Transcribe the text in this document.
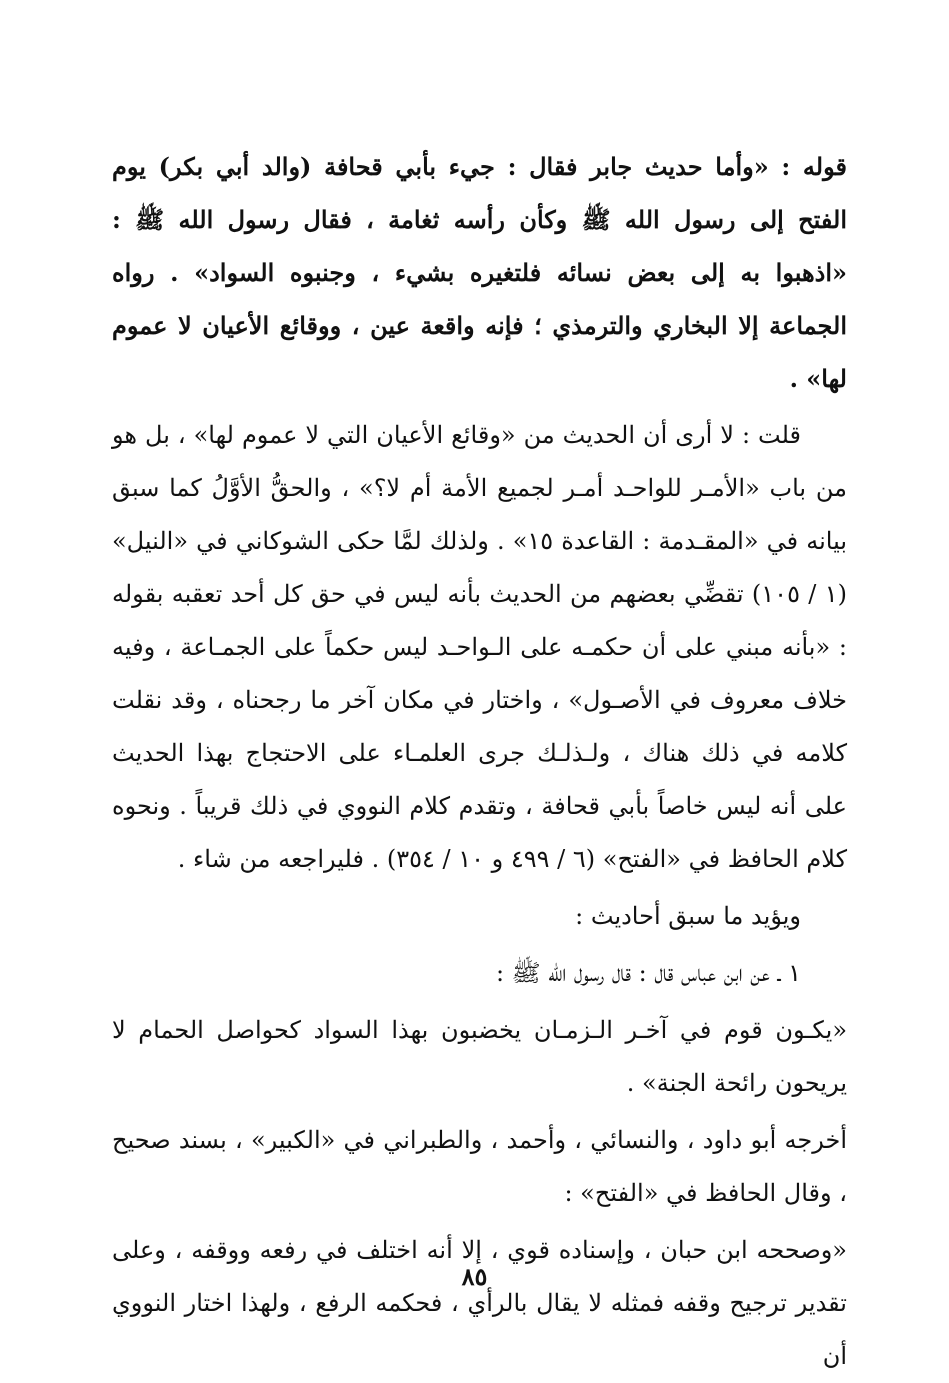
قوله : «وأما حديث جابر فقال : جيء بأبي قحافة (والد أبي بكر) يوم الفتح إلى رسول الله ﷺ وكأن رأسه ثغامة ، فقال رسول الله ﷺ : «اذهبوا به إلى بعض نسائه فلتغيره بشيء ، وجنبوه السواد» . رواه الجماعة إلا البخاري والترمذي ؛ فإنه واقعة عين ، ووقائع الأعيان لا عموم لها» .

قلت : لا أرى أن الحديث من «وقائع الأعيان التي لا عموم لها» ، بل هو من باب «الأمـر للواحـد أمـر لجميع الأمة أم لا؟» ، والحقُّ الأوَّلُ كما سبق بيانه في «المقـدمة : القاعدة ١٥» . ولذلك لمَّا حكى الشوكاني في «النيل» (١ / ١٠٥) تقضِّي بعضهم من الحديث بأنه ليس في حق كل أحد تعقبه بقوله : «بأنه مبني على أن حكمـه على الـواحـد ليس حكماً على الجمـاعة ، وفيه خلاف معروف في الأصـول» ، واختار في مكان آخر ما رجحناه ، وقد نقلت كلامه في ذلك هناك ، ولـذلـك جرى العلمـاء على الاحتجاج بهذا الحديث على أنه ليس خاصاً بأبي قحافة ، وتقدم كلام النووي في ذلك قريباً . ونحوه كلام الحافظ في «الفتح» (٦ / ٤٩٩ و ١٠ / ٣٥٤) . فليراجعه من شاء .

ويؤيد ما سبق أحاديث :

١ ـ عن ابن عباس قال : قال رسول الله ﷺ :

«يكـون قوم في آخـر الـزمـان يخضبون بهذا السواد كحواصل الحمام لا يريحون رائحة الجنة» .

أخرجه أبو داود ، والنسائي ، وأحمد ، والطبراني في «الكبير» ، بسند صحيح ، وقال الحافظ في «الفتح» :

«وصححه ابن حبان ، وإسناده قوي ، إلا أنه اختلف في رفعه ووقفه ، وعلى تقدير ترجيح وقفه فمثله لا يقال بالرأي ، فحكمه الرفع ، ولهذا اختار النووي أن

٨٥
